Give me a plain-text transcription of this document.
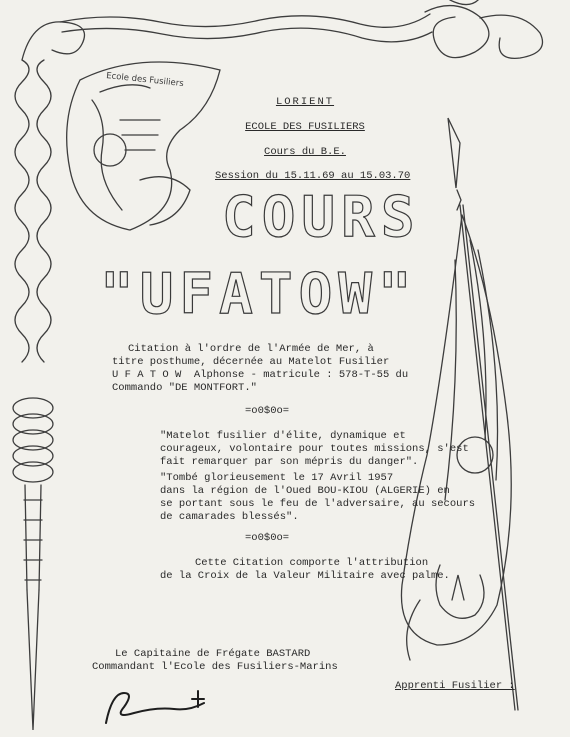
Ecole des Fusiliers
LORIENT
ECOLE DES FUSILIERS
Cours du B.E.
Session du 15.11.69 au 15.03.70
COURS
"UFATOW"
Citation à l'ordre de l'Armée de Mer, à
titre posthume, décernée au Matelot Fusilier
U F A T O W  Alphonse - matricule : 578-T-55 du
Commando "DE MONTFORT."
=o0$0o=
"Matelot fusilier d'élite, dynamique et
courageux, volontaire pour toutes missions, s'est
fait remarquer par son mépris du danger".
"Tombé glorieusement le 17 Avril 1957
dans la région de l'Oued BOU-KIOU (ALGERIE) en
se portant sous le feu de l'adversaire, au secours
de camarades blessés".
=o0$0o=
Cette Citation comporte l'attribution
de la Croix de la Valeur Militaire avec palme.
Le Capitaine de Frégate BASTARD
Commandant l'Ecole des Fusiliers-Marins
Apprenti Fusilier :
